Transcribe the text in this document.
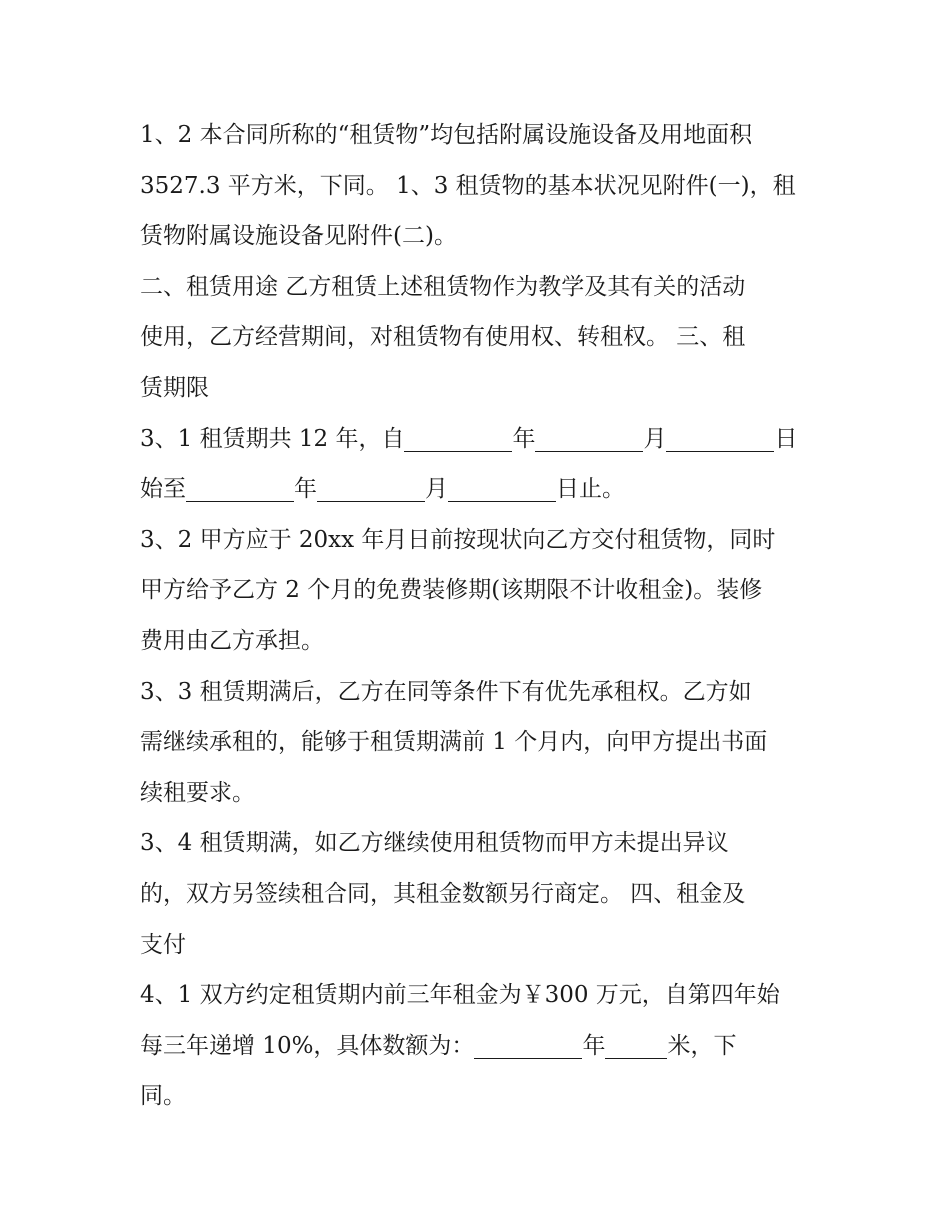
1、2 本合同所称的“租赁物”均包括附属设施设备及用地面积
3527.3 平方米，下同。 1、3 租赁物的基本状况见附件(一)，租
赁物附属设施设备见附件(二)。
二、租赁用途 乙方租赁上述租赁物作为教学及其有关的活动
使用，乙方经营期间，对租赁物有使用权、转租权。 三、租
赁期限
3、1 租赁期共 12 年，自	年	月	日
始至	年	月	日止。
3、2 甲方应于 20xx 年月日前按现状向乙方交付租赁物，同时
甲方给予乙方 2 个月的免费装修期(该期限不计收租金)。装修
费用由乙方承担。
3、3 租赁期满后，乙方在同等条件下有优先承租权。乙方如
需继续承租的，能够于租赁期满前 1 个月内，向甲方提出书面
续租要求。
3、4 租赁期满，如乙方继续使用租赁物而甲方未提出异议
的，双方另签续租合同，其租金数额另行商定。 四、租金及
支付
4、1 双方约定租赁期内前三年租金为￥300 万元，自第四年始
每三年递增 10%，具体数额为：	年	米，下
同。
